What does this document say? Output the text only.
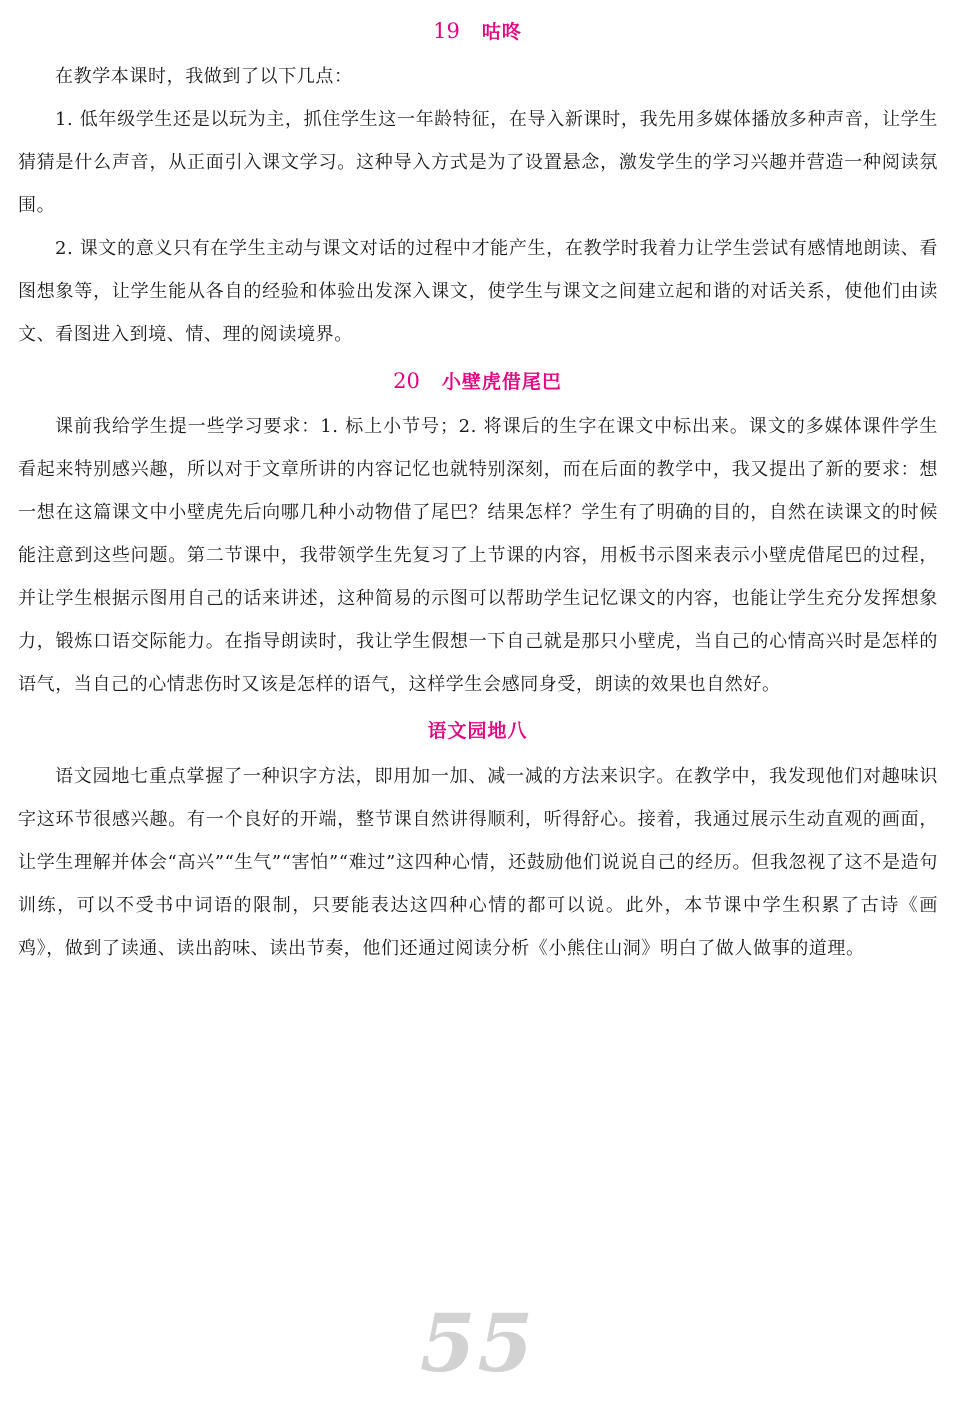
19 咕咚

在教学本课时，我做到了以下几点：

1. 低年级学生还是以玩为主，抓住学生这一年龄特征，在导入新课时，我先用多媒体播放多种声音，让学生猜猜是什么声音，从正面引入课文学习。这种导入方式是为了设置悬念，激发学生的学习兴趣并营造一种阅读氛围。

2. 课文的意义只有在学生主动与课文对话的过程中才能产生，在教学时我着力让学生尝试有感情地朗读、看图想象等，让学生能从各自的经验和体验出发深入课文，使学生与课文之间建立起和谐的对话关系，使他们由读文、看图进入到境、情、理的阅读境界。

20 小壁虎借尾巴

课前我给学生提一些学习要求：1. 标上小节号；2. 将课后的生字在课文中标出来。课文的多媒体课件学生看起来特别感兴趣，所以对于文章所讲的内容记忆也就特别深刻，而在后面的教学中，我又提出了新的要求：想一想在这篇课文中小壁虎先后向哪几种小动物借了尾巴？结果怎样？学生有了明确的目的，自然在读课文的时候能注意到这些问题。第二节课中，我带领学生先复习了上节课的内容，用板书示图来表示小壁虎借尾巴的过程，并让学生根据示图用自己的话来讲述，这种简易的示图可以帮助学生记忆课文的内容，也能让学生充分发挥想象力，锻炼口语交际能力。在指导朗读时，我让学生假想一下自己就是那只小壁虎，当自己的心情高兴时是怎样的语气，当自己的心情悲伤时又该是怎样的语气，这样学生会感同身受，朗读的效果也自然好。

语文园地八

语文园地七重点掌握了一种识字方法，即用加一加、减一减的方法来识字。在教学中，我发现他们对趣味识字这环节很感兴趣。有一个良好的开端，整节课自然讲得顺利，听得舒心。接着，我通过展示生动直观的画面，让学生理解并体会“高兴”“生气”“害怕”“难过”这四种心情，还鼓励他们说说自己的经历。但我忽视了这不是造句训练，可以不受书中词语的限制，只要能表达这四种心情的都可以说。此外，本节课中学生积累了古诗《画鸡》，做到了读通、读出韵味、读出节奏，他们还通过阅读分析《小熊住山洞》明白了做人做事的道理。

55
